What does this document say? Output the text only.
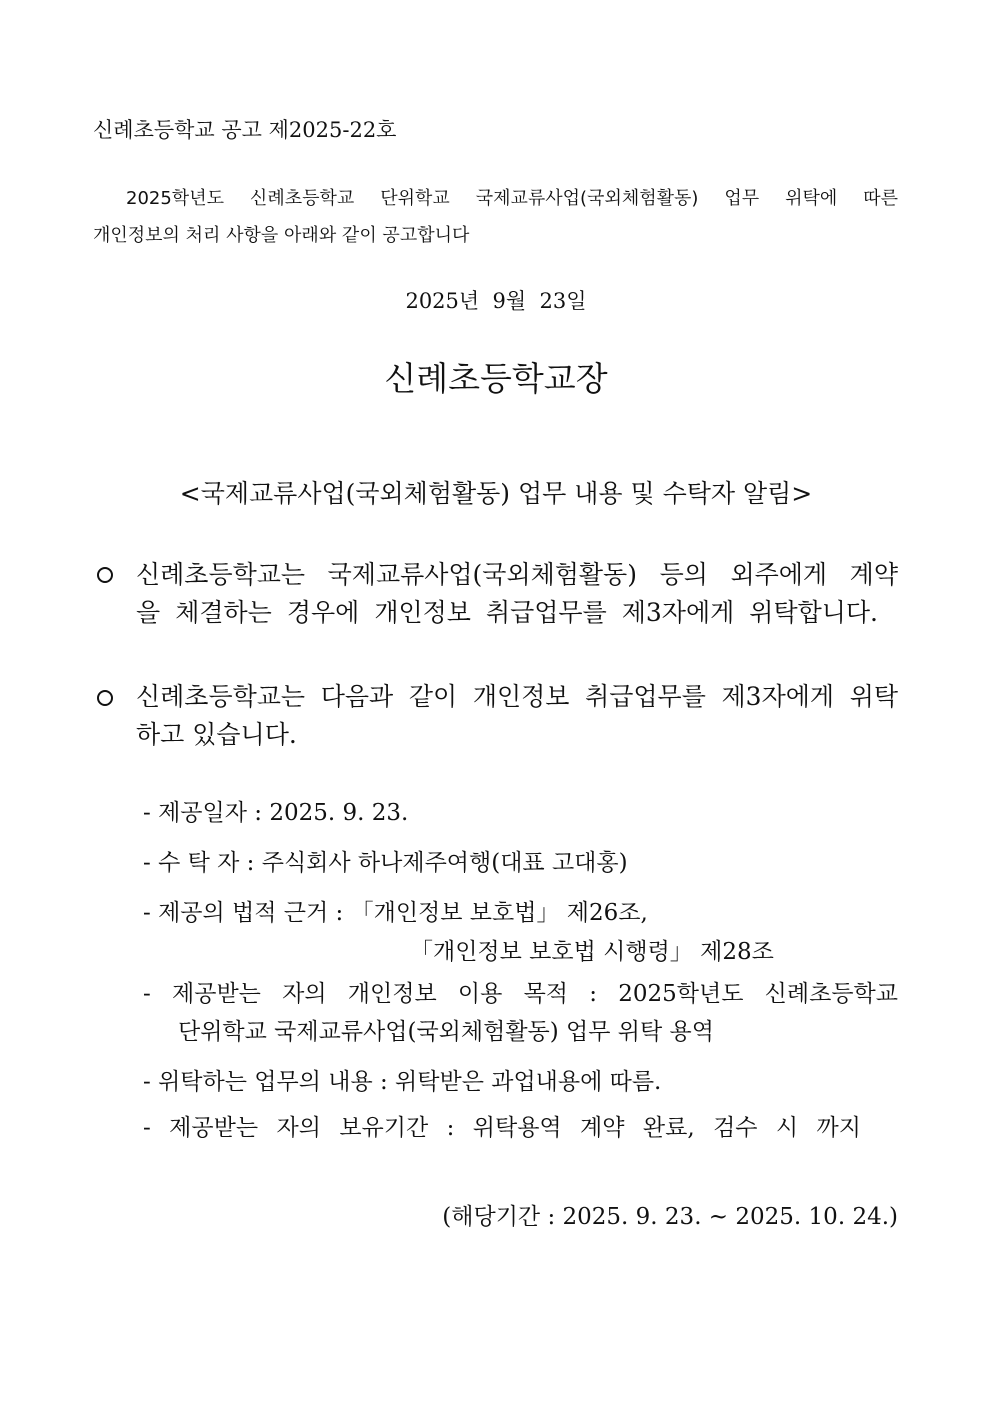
신례초등학교 공고 제2025-22호
2025학년도 신례초등학교 단위학교 국제교류사업(국외체험활동) 업무 위탁에 따른
개인정보의 처리 사항을 아래와 같이 공고합니다
2025년  9월  23일
신례초등학교장
<국제교류사업(국외체험활동) 업무 내용 및 수탁자 알림>
신례초등학교는 국제교류사업(국외체험활동) 등의 외주에게 계약
을 체결하는 경우에 개인정보 취급업무를 제3자에게 위탁합니다.
신례초등학교는 다음과 같이 개인정보 취급업무를 제3자에게 위탁
하고 있습니다.
- 제공일자 : 2025. 9. 23.
- 수 탁 자 : 주식회사 하나제주여행(대표 고대홍)
- 제공의 법적 근거 : 「개인정보 보호법」 제26조,
「개인정보 보호법 시행령」 제28조
- 제공받는 자의 개인정보 이용 목적 : 2025학년도 신례초등학교
단위학교 국제교류사업(국외체험활동) 업무 위탁 용역
- 위탁하는 업무의 내용 : 위탁받은 과업내용에 따름.
- 제공받는 자의 보유기간 : 위탁용역 계약 완료, 검수 시 까지
(해당기간 : 2025. 9. 23. ~ 2025. 10. 24.)
